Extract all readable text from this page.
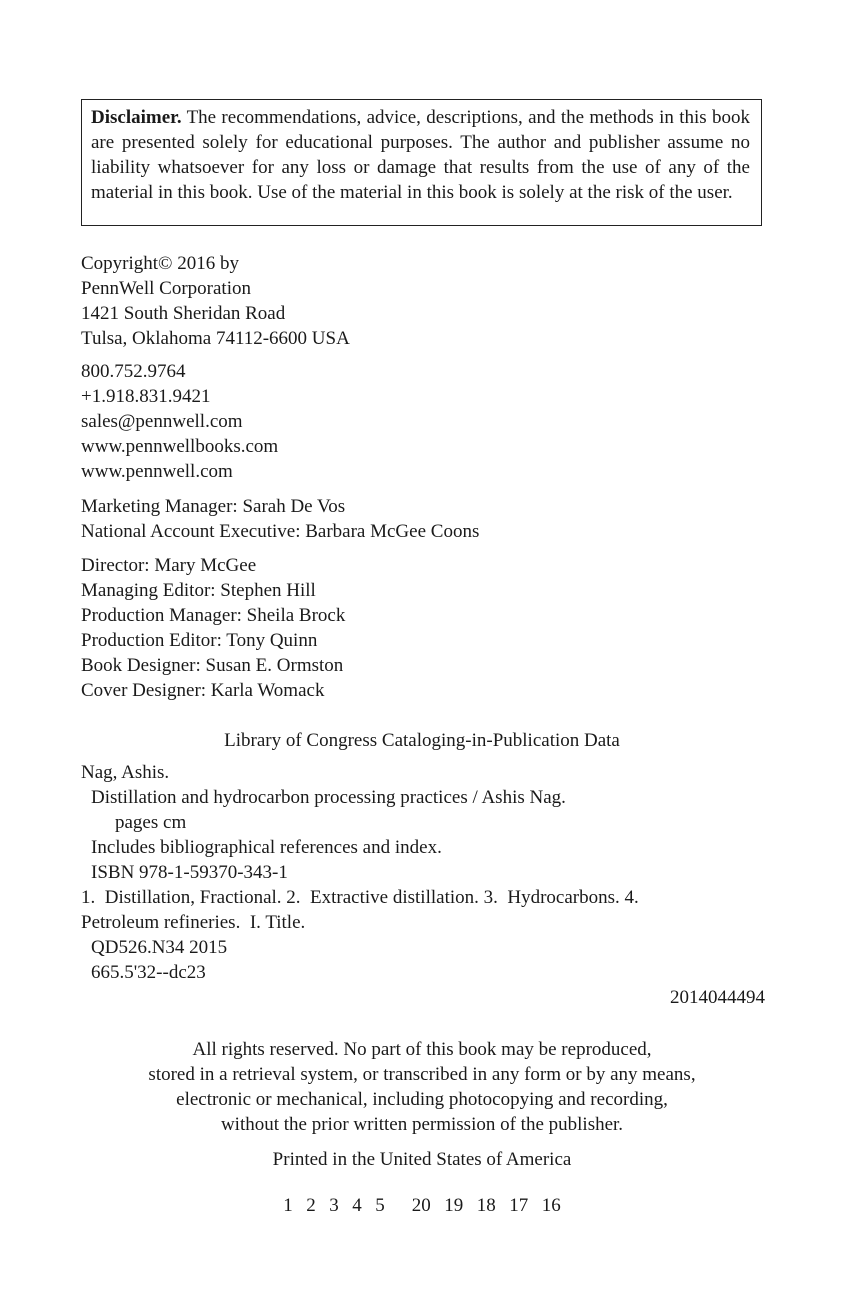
Disclaimer. The recommendations, advice, descriptions, and the methods in this book are presented solely for educational purposes. The author and publisher assume no liability whatsoever for any loss or damage that results from the use of any of the material in this book. Use of the material in this book is solely at the risk of the user.
Copyright© 2016 by
PennWell Corporation
1421 South Sheridan Road
Tulsa, Oklahoma 74112-6600 USA
800.752.9764
+1.918.831.9421
sales@pennwell.com
www.pennwellbooks.com
www.pennwell.com
Marketing Manager: Sarah De Vos
National Account Executive: Barbara McGee Coons
Director: Mary McGee
Managing Editor: Stephen Hill
Production Manager: Sheila Brock
Production Editor: Tony Quinn
Book Designer: Susan E. Ormston
Cover Designer: Karla Womack
Library of Congress Cataloging-in-Publication Data
Nag, Ashis.
Distillation and hydrocarbon processing practices / Ashis Nag.
pages cm
Includes bibliographical references and index.
ISBN 978-1-59370-343-1
1.  Distillation, Fractional. 2.  Extractive distillation. 3.  Hydrocarbons. 4.
Petroleum refineries.  I. Title.
QD526.N34 2015
665.5'32--dc23
2014044494
All rights reserved. No part of this book may be reproduced,
stored in a retrieval system, or transcribed in any form or by any means,
electronic or mechanical, including photocopying and recording,
without the prior written permission of the publisher.
Printed in the United States of America
1  2  3  4  5    20  19  18  17  16
